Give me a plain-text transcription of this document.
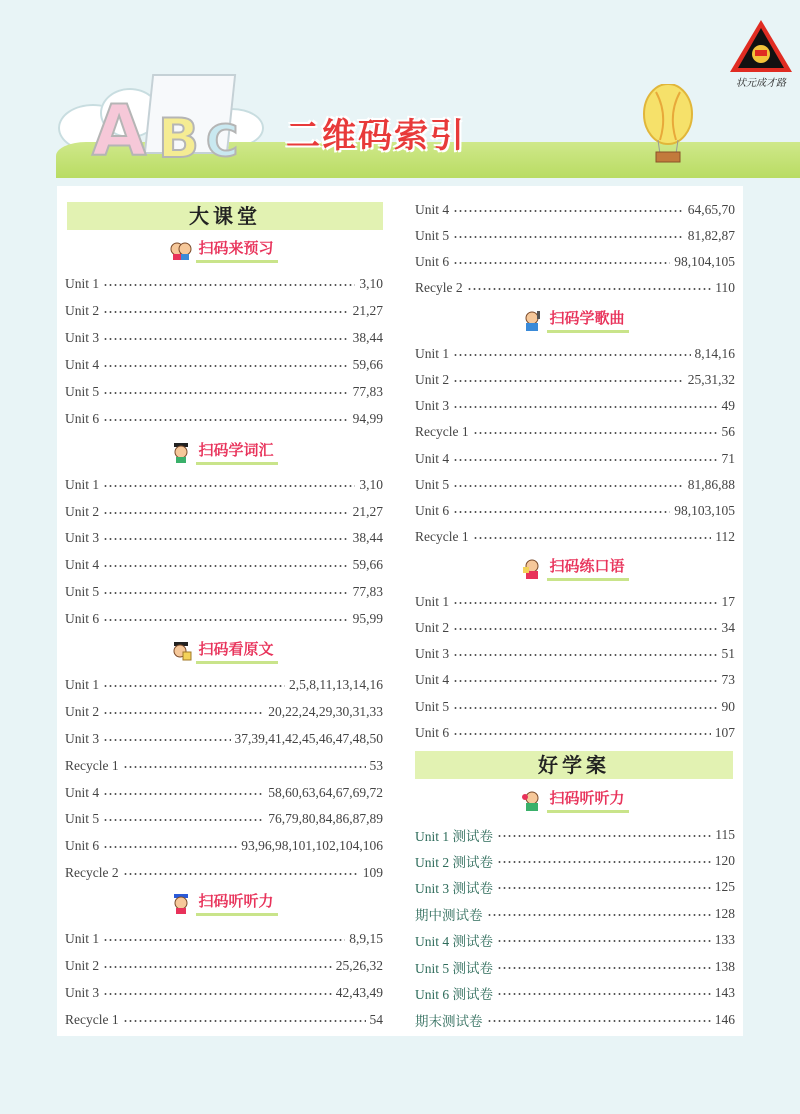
A B C 二维码索引
状元成才路
大课堂
扫码来预习
Unit 1	3,10
Unit 2	21,27
Unit 3	38,44
Unit 4	59,66
Unit 5	77,83
Unit 6	94,99
扫码学词汇
Unit 1	3,10
Unit 2	21,27
Unit 3	38,44
Unit 4	59,66
Unit 5	77,83
Unit 6	95,99
扫码看原文
Unit 1	2,5,8,11,13,14,16
Unit 2	20,22,24,29,30,31,33
Unit 3	37,39,41,42,45,46,47,48,50
Recycle 1	53
Unit 4	58,60,63,64,67,69,72
Unit 5	76,79,80,84,86,87,89
Unit 6	93,96,98,101,102,104,106
Recycle 2	109
扫码听听力
Unit 1	8,9,15
Unit 2	25,26,32
Unit 3	42,43,49
Recycle 1	54
Unit 4	64,65,70
Unit 5	81,82,87
Unit 6	98,104,105
Recyle 2	110
扫码学歌曲
Unit 1	8,14,16
Unit 2	25,31,32
Unit 3	49
Recycle 1	56
Unit 4	71
Unit 5	81,86,88
Unit 6	98,103,105
Recycle 1	112
扫码练口语
Unit 1	17
Unit 2	34
Unit 3	51
Unit 4	73
Unit 5	90
Unit 6	107
好学案
扫码听听力
Unit 1 测试卷	115
Unit 2 测试卷	120
Unit 3 测试卷	125
期中测试卷	128
Unit 4 测试卷	133
Unit 5 测试卷	138
Unit 6 测试卷	143
期末测试卷	146
